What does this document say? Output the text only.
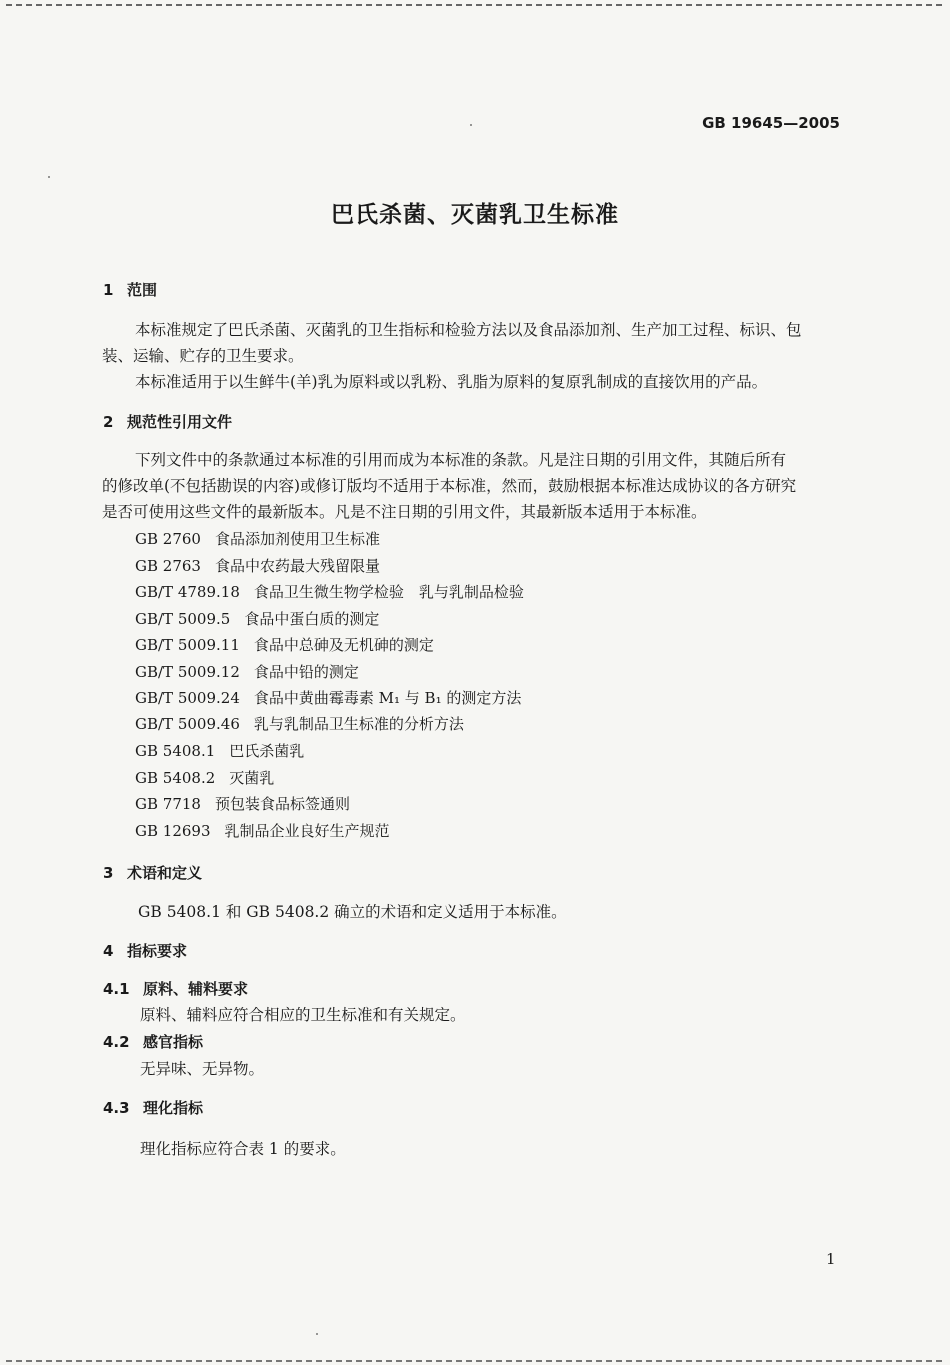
GB 19645—2005
巴氏杀菌、灭菌乳卫生标准
1 范围
本标准规定了巴氏杀菌、灭菌乳的卫生指标和检验方法以及食品添加剂、生产加工过程、标识、包
装、运输、贮存的卫生要求。
本标准适用于以生鲜牛(羊)乳为原料或以乳粉、乳脂为原料的复原乳制成的直接饮用的产品。
2 规范性引用文件
下列文件中的条款通过本标准的引用而成为本标准的条款。凡是注日期的引用文件，其随后所有
的修改单(不包括勘误的内容)或修订版均不适用于本标准，然而，鼓励根据本标准达成协议的各方研究
是否可使用这些文件的最新版本。凡是不注日期的引用文件，其最新版本适用于本标准。
GB 2760 食品添加剂使用卫生标准
GB 2763 食品中农药最大残留限量
GB/T 4789.18 食品卫生微生物学检验　乳与乳制品检验
GB/T 5009.5 食品中蛋白质的测定
GB/T 5009.11 食品中总砷及无机砷的测定
GB/T 5009.12 食品中铅的测定
GB/T 5009.24 食品中黄曲霉毒素 M₁ 与 B₁ 的测定方法
GB/T 5009.46 乳与乳制品卫生标准的分析方法
GB 5408.1 巴氏杀菌乳
GB 5408.2 灭菌乳
GB 7718 预包装食品标签通则
GB 12693 乳制品企业良好生产规范
3 术语和定义
GB 5408.1 和 GB 5408.2 确立的术语和定义适用于本标准。
4 指标要求
4.1 原料、辅料要求
原料、辅料应符合相应的卫生标准和有关规定。
4.2 感官指标
无异味、无异物。
4.3 理化指标
理化指标应符合表 1 的要求。
1
